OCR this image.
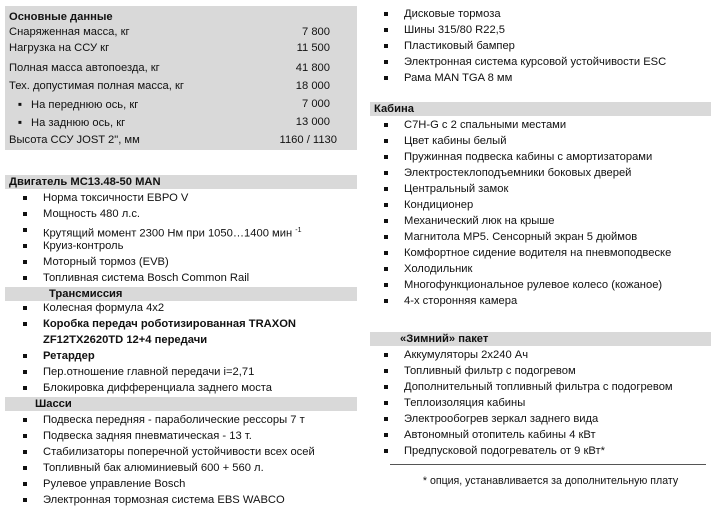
Основные данные
Снаряженная масса, кг	7 800
Нагрузка на ССУ кг	11 500
Полная масса автопоезда, кг	41 800
Тех. допустимая полная масса, кг	18 000
▪ На переднюю ось, кг	7 000
▪ На заднюю ось, кг	13 000
Высота ССУ JOST 2", мм	1160 / 1130
Двигатель MC13.48-50 MAN
Норма токсичности ЕВРО V
Мощность 480 л.с.
Крутящий момент 2300 Нм при 1050…1400 мин $^{-1}$
Круиз-контроль
Моторный тормоз (EVB)
Топливная система Bosch Common Rail
Трансмиссия
Колесная формула 4x2
Коробка передач роботизированная TRAXON
ZF12TX2620TD 12+4 передачи
Ретардер
Пер.отношение главной передачи i=2,71
Блокировка дифференциала заднего моста
Шасси
Подвеска передняя - параболические рессоры 7 т
Подвеска задняя пневматическая - 13 т.
Стабилизаторы поперечной устойчивости всех осей
Топливный бак алюминиевый 600 + 560 л.
Рулевое управление Bosch
Электронная тормозная система EBS WABCO
Дисковые тормоза
Шины 315/80 R22,5
Пластиковый бампер
Электронная система курсовой устойчивости ESC
Рама MAN TGA 8 мм
Кабина
C7H-G с 2 спальными местами
Цвет кабины белый
Пружинная подвеска кабины с амортизаторами
Электростеклоподъемники боковых дверей
Центральный замок
Кондиционер
Механический люк на крыше
Магнитола MP5. Сенсорный экран 5 дюймов
Комфортное сидение водителя на пневмоподвеске
Холодильник
Многофункциональное рулевое колесо (кожаное)
4-х сторонняя камера
«Зимний» пакет
Аккумуляторы 2x240 Ач
Топливный фильтр с подогревом
Дополнительный топливный фильтра с подогревом
Теплоизоляция кабины
Электрообогрев зеркал заднего вида
Автономный отопитель кабины 4 кВт
Предпусковой подогреватель от 9 кВт*
* опция, устанавливается за дополнительную плату
